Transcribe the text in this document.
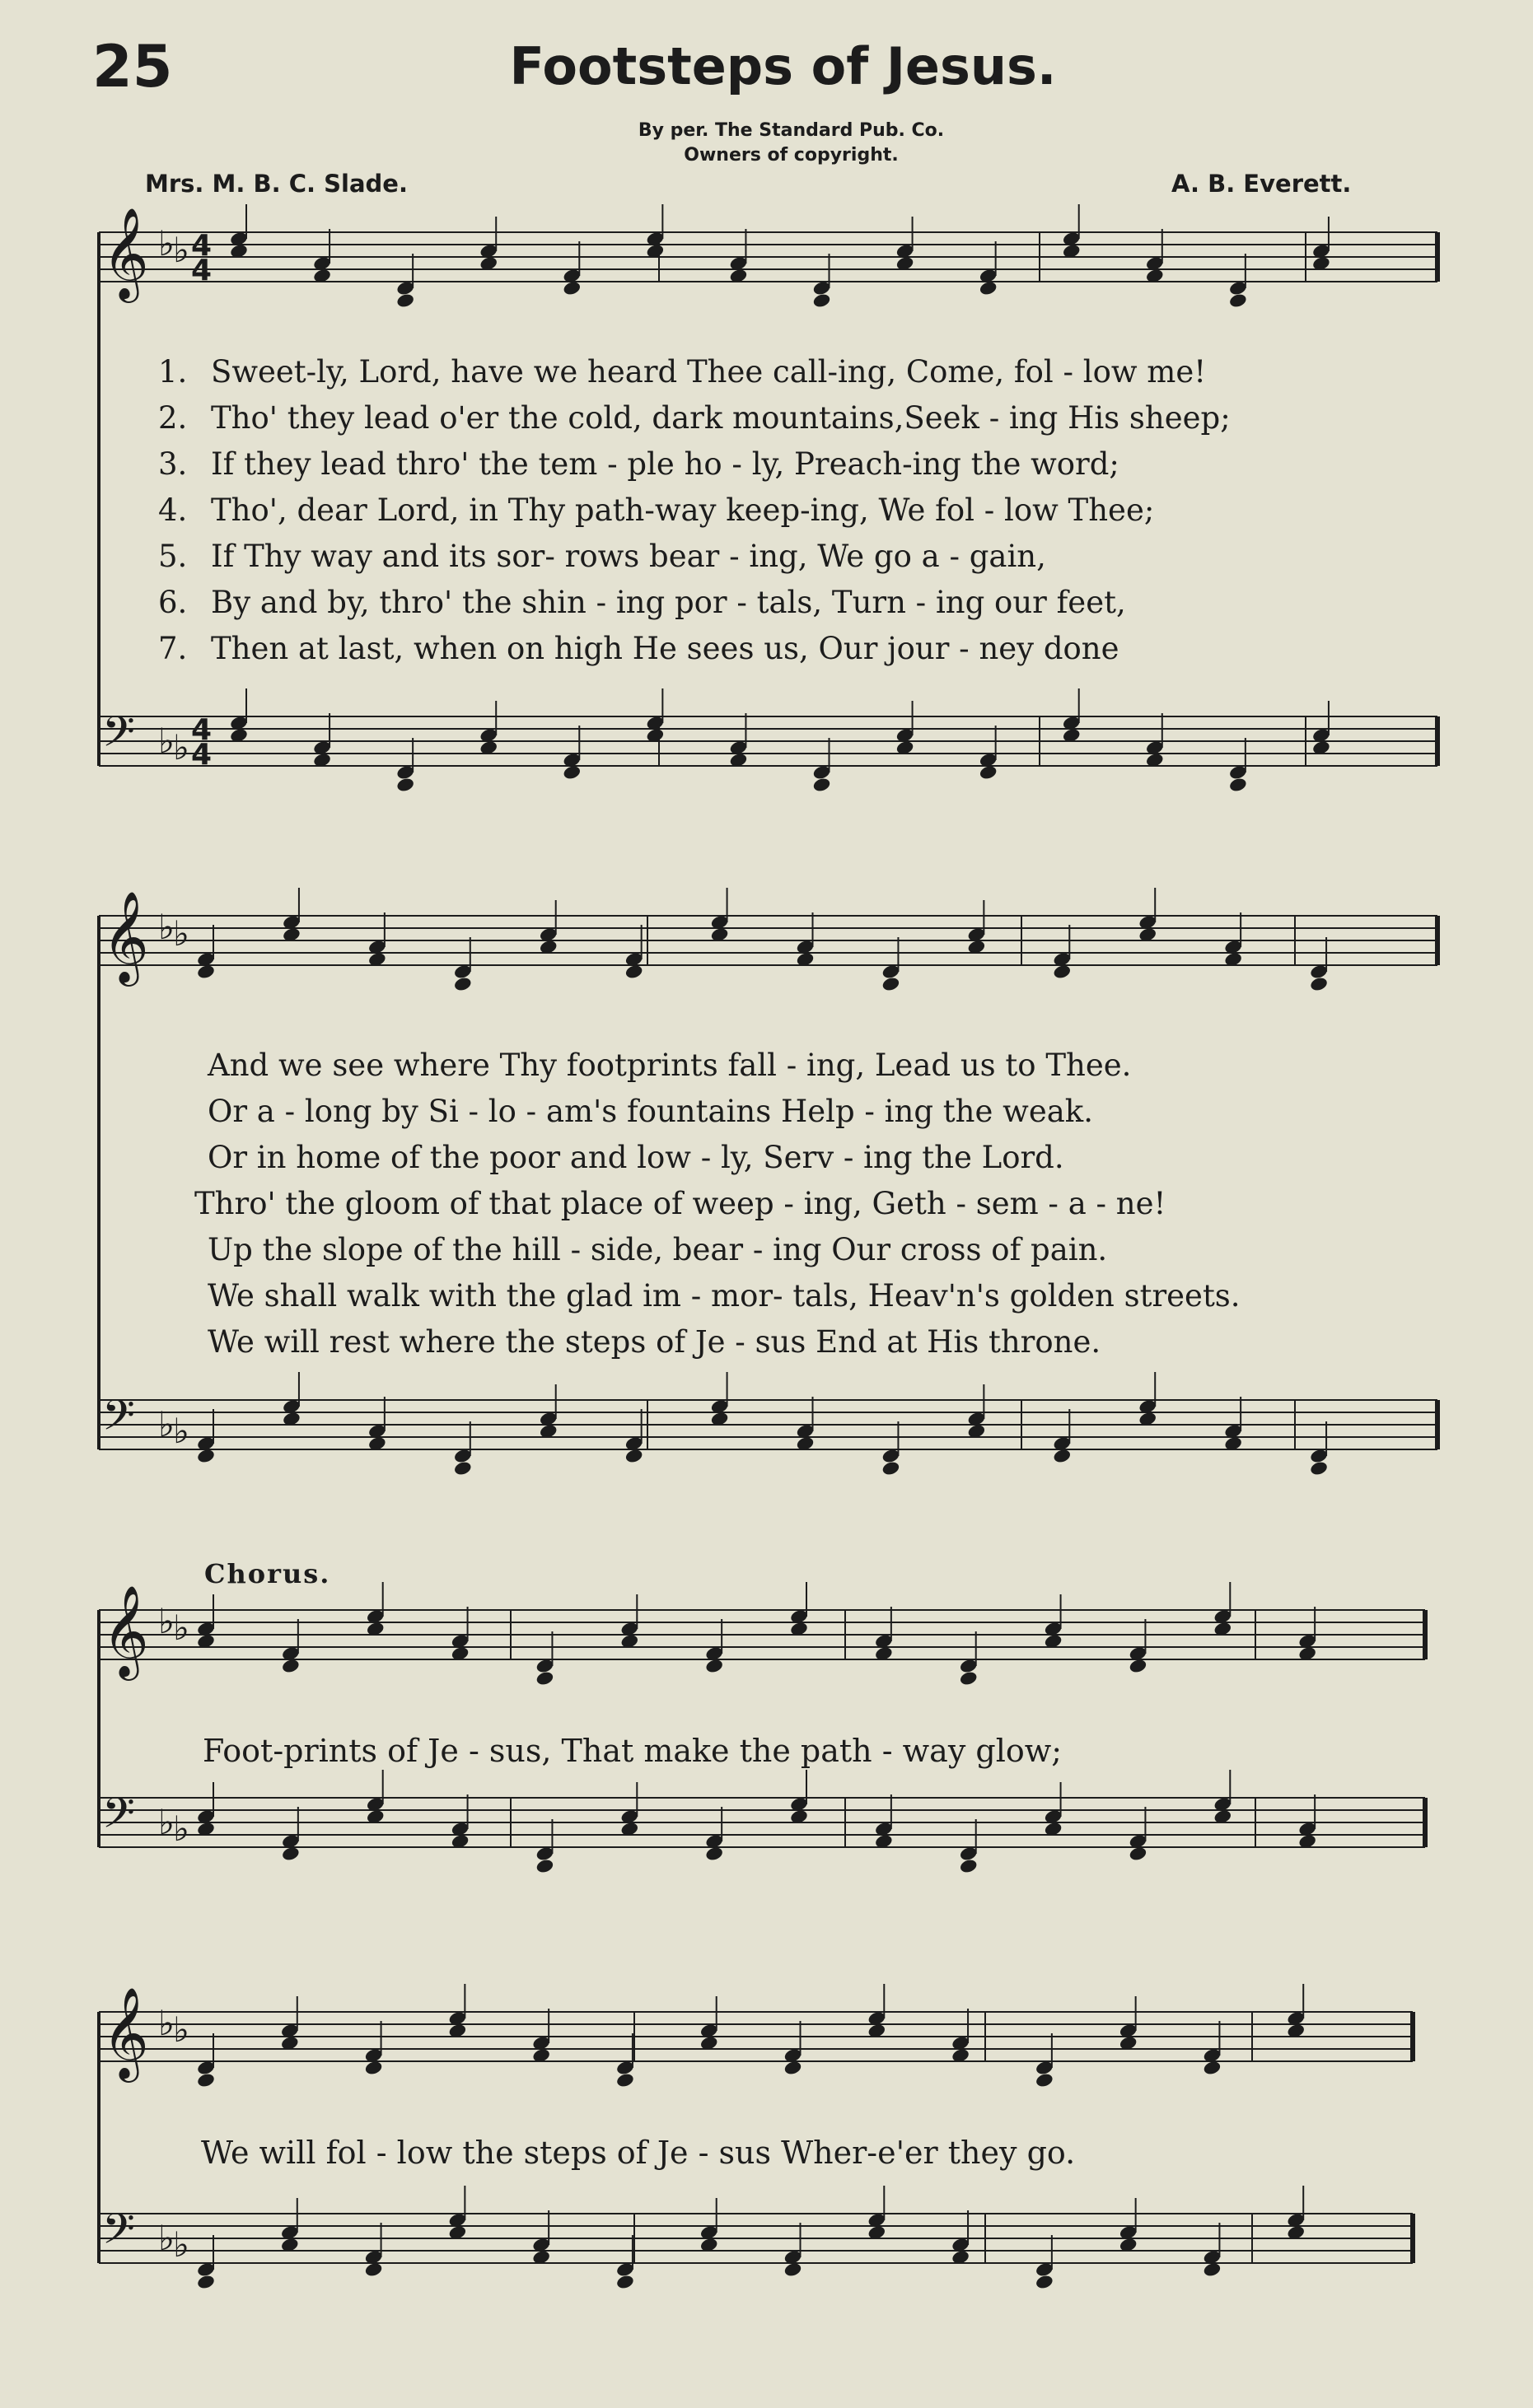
25	Footsteps of Jesus.
By per. The Standard Pub. Co.
Owners of copyright.
Mrs. M. B. C. Slade.	A. B. Everett.
𝄞 ♭
♭ 4
4
𝄢 ♭
♭ 4
4
𝄞 ♭
♭
𝄢 ♭
♭
𝄞 ♭
♭
𝄢 ♭
♭
𝄞 ♭
♭
𝄢 ♭
♭
1. Sweet-ly, Lord, have we heard Thee call-ing, Come, fol - low me!
2. Tho' they lead o'er the cold, dark mountains,Seek - ing His sheep;
3. If they lead thro' the tem - ple ho - ly, Preach-ing the word;
4. Tho', dear Lord, in Thy path-way keep-ing, We fol - low Thee;
5. If Thy way and its sor- rows bear - ing, We go a - gain,
6. By and by, thro' the shin - ing por - tals, Turn - ing our feet,
7. Then at last, when on high He sees us, Our jour - ney done
And we see where Thy footprints fall - ing, Lead us to Thee.
Or a - long by Si - lo - am's fountains Help - ing the weak.
Or in home of the poor and low - ly, Serv - ing the Lord.
Thro' the gloom of that place of weep - ing, Geth - sem - a - ne!
Up the slope of the hill - side, bear - ing Our cross of pain.
We shall walk with the glad im - mor- tals, Heav'n's golden streets.
We will rest where the steps of Je - sus End at His throne.
Chorus.
Foot-prints of Je - sus, That make the path - way glow;
We will fol - low the steps of Je - sus Wher-e'er they go.
